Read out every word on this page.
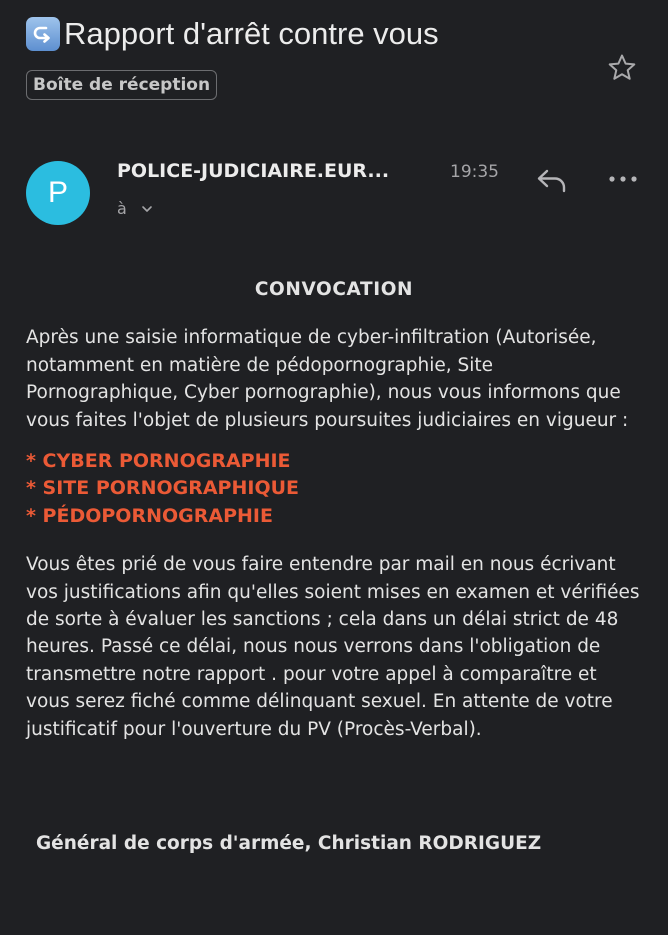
Rapport d'arrêt contre vous
Boîte de réception
P
POLICE-JUDICIAIRE.EUR...	19:35
à

CONVOCATION

Après une saisie informatique de cyber-infiltration (Autorisée, notamment en matière de pédopornographie, Site Pornographique, Cyber pornographie), nous vous informons que vous faites l'objet de plusieurs poursuites judiciaires en vigueur :

* CYBER PORNOGRAPHIE

* SITE PORNOGRAPHIQUE

* PÉDOPORNOGRAPHIE

Vous êtes prié de vous faire entendre par mail en nous écrivant vos justifications afin qu'elles soient mises en examen et vérifiées de sorte à évaluer les sanctions ; cela dans un délai strict de 48 heures. Passé ce délai, nous nous verrons dans l'obligation de transmettre notre rapport . pour votre appel à comparaître et vous serez fiché comme délinquant sexuel. En attente de votre justificatif pour l'ouverture du PV (Procès-Verbal).

Général de corps d'armée, Christian RODRIGUEZ
